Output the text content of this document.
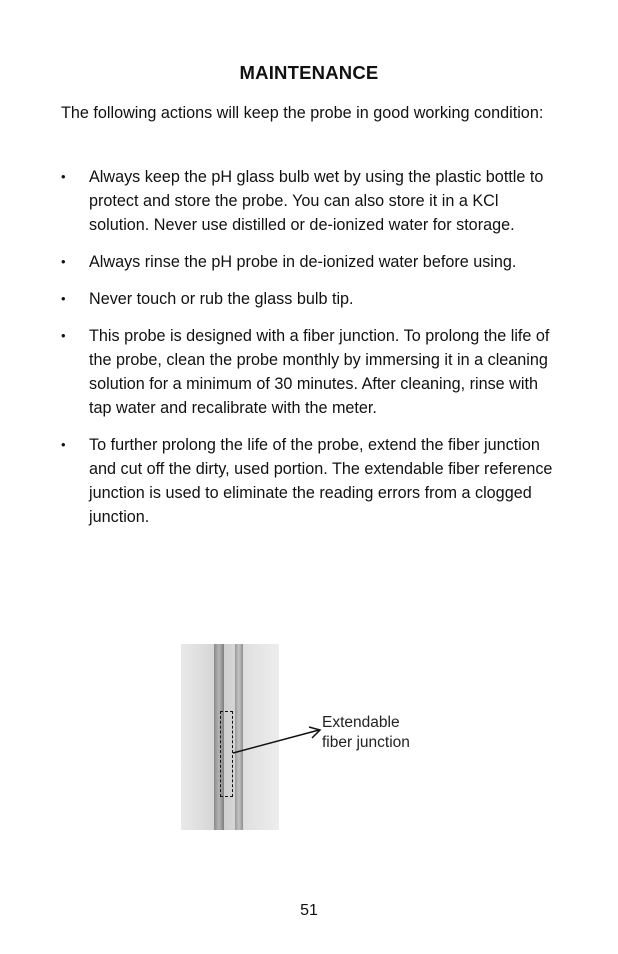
MAINTENANCE
The following actions will keep the probe in good working condition:
•	Always keep the pH glass bulb wet by using the plastic bottle to protect and store the probe. You can also store it in a KCl solution. Never use distilled or de-ionized water for storage.
•	Always rinse the pH probe in de-ionized water before using.
•	Never touch or rub the glass bulb tip.
•	This probe is designed with a fiber junction. To prolong the life of the probe, clean the probe monthly by immersing it in a cleaning solution for a minimum of 30 minutes. After cleaning, rinse with tap water and recalibrate with the meter.
•	To further prolong the life of the probe, extend the fiber junction and cut off the dirty, used portion. The extendable fiber reference junction is used to eliminate the reading errors from a clogged junction.
Extendable
fiber junction
51
